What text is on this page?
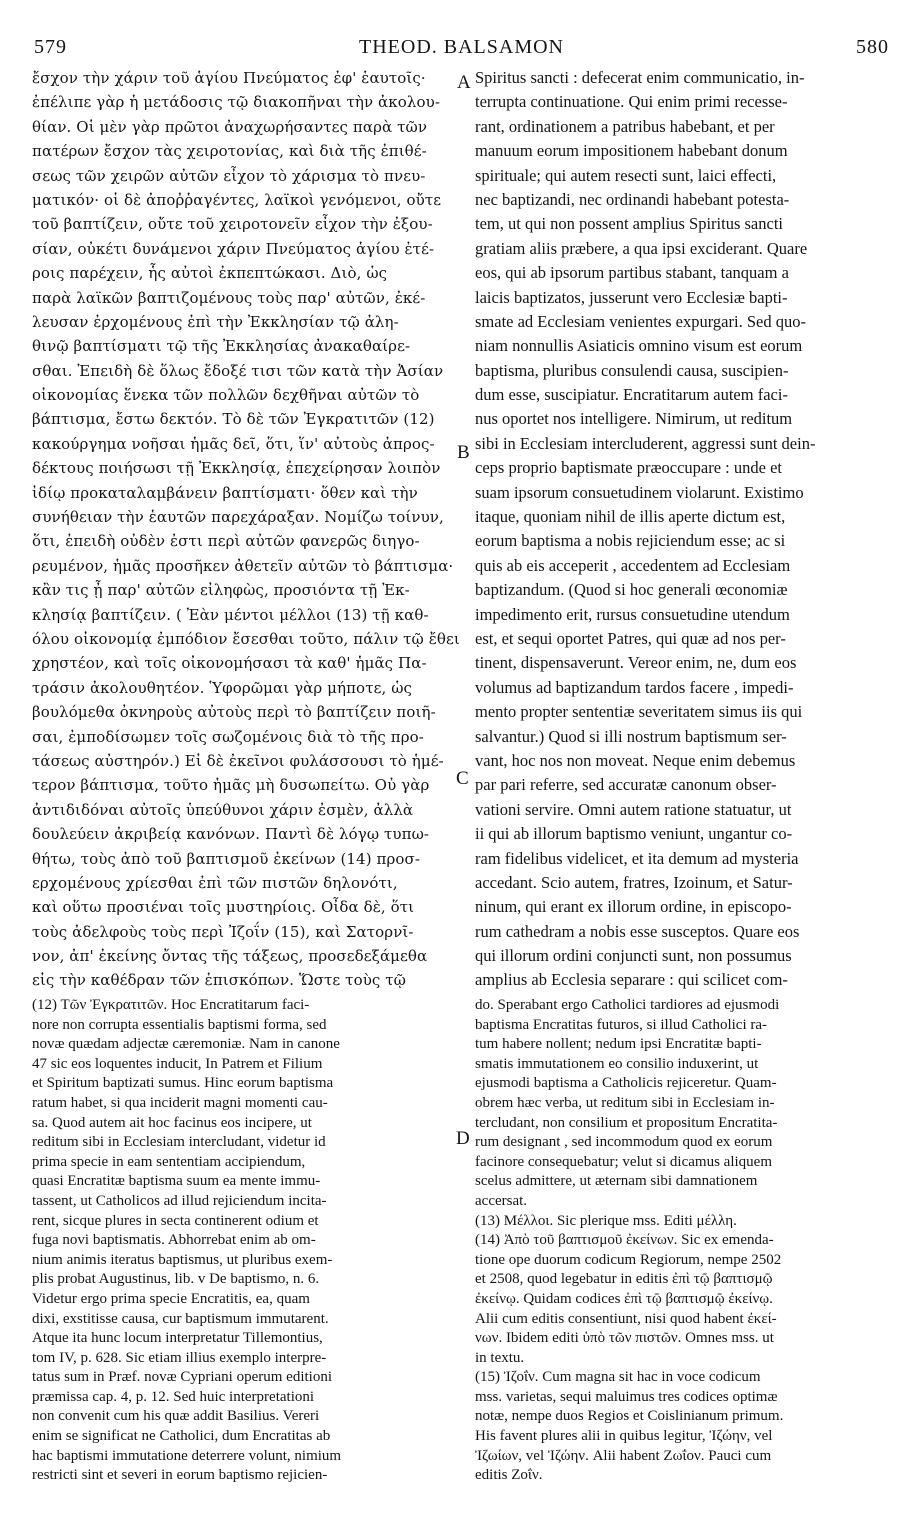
579	THEOD. BALSAMON	580
ἔσχον τὴν χάριν τοῦ ἁγίου Πνεύματος ἐφ' ἑαυτοῖς·
ἐπέλιπε γὰρ ἡ μετάδοσις τῷ διακοπῆναι τὴν ἀκολου-
θίαν. Οἱ μὲν γὰρ πρῶτοι ἀναχωρήσαντες παρὰ τῶν
πατέρων ἔσχον τὰς χειροτονίας, καὶ διὰ τῆς ἐπιθέ-
σεως τῶν χειρῶν αὐτῶν εἶχον τὸ χάρισμα τὸ πνευ-
ματικόν· οἱ δὲ ἀποῤῥαγέντες, λαϊκοὶ γενόμενοι, οὔτε
τοῦ βαπτίζειν, οὔτε τοῦ χειροτονεῖν εἶχον τὴν ἐξου-
σίαν, οὐκέτι δυνάμενοι χάριν Πνεύματος ἁγίου ἑτέ-
ροις παρέχειν, ἧς αὐτοὶ ἐκπεπτώκασι. Διὸ, ὡς
παρὰ λαϊκῶν βαπτιζομένους τοὺς παρ' αὐτῶν, ἐκέ-
λευσαν ἐρχομένους ἐπὶ τὴν Ἐκκλησίαν τῷ ἀλη-
θινῷ βαπτίσματι τῷ τῆς Ἐκκλησίας ἀνακαθαίρε-
σθαι. Ἐπειδὴ δὲ ὅλως ἔδοξέ τισι τῶν κατὰ τὴν Ἀσίαν
οἰκονομίας ἕνεκα τῶν πολλῶν δεχθῆναι αὐτῶν τὸ
βάπτισμα, ἔστω δεκτόν. Τὸ δὲ τῶν Ἐγκρατιτῶν (12)
κακούργημα νοῆσαι ἡμᾶς δεῖ, ὅτι, ἵν' αὐτοὺς ἀπρος-
δέκτους ποιήσωσι τῇ Ἐκκλησίᾳ, ἐπεχείρησαν λοιπὸν
ἰδίῳ προκαταλαμβάνειν βαπτίσματι· ὅθεν καὶ τὴν
συνήθειαν τὴν ἑαυτῶν παρεχάραξαν. Νομίζω τοίνυν,
ὅτι, ἐπειδὴ οὐδὲν ἐστι περὶ αὐτῶν φανερῶς διηγο-
ρευμένον, ἡμᾶς προσῆκεν ἀθετεῖν αὐτῶν τὸ βάπτισμα·
κἂν τις ᾖ παρ' αὐτῶν εἰληφὼς, προσιόντα τῇ Ἐκ-
κλησίᾳ βαπτίζειν. ( Ἐὰν μέντοι μέλλοι (13) τῇ καθ-
όλου οἰκονομίᾳ ἐμπόδιον ἔσεσθαι τοῦτο, πάλιν τῷ ἔθει
χρηστέον, καὶ τοῖς οἰκονομήσασι τὰ καθ' ἡμᾶς Πα-
τράσιν ἀκολουθητέον. Ὑφορῶμαι γὰρ μήποτε, ὡς
βουλόμεθα ὀκνηροὺς αὐτοὺς περὶ τὸ βαπτίζειν ποιῆ-
σαι, ἐμποδίσωμεν τοῖς σωζομένοις διὰ τὸ τῆς προ-
τάσεως αὐστηρόν.) Εἰ δὲ ἐκεῖνοι φυλάσσουσι τὸ ἡμέ-
τερον βάπτισμα, τοῦτο ἡμᾶς μὴ δυσωπείτω. Οὐ γὰρ
ἀντιδιδόναι αὐτοῖς ὑπεύθυνοι χάριν ἐσμὲν, ἀλλὰ
δουλεύειν ἀκριβείᾳ κανόνων. Παντὶ δὲ λόγῳ τυπω-
θήτω, τοὺς ἀπὸ τοῦ βαπτισμοῦ ἐκείνων (14) προσ-
ερχομένους χρίεσθαι ἐπὶ τῶν πιστῶν δηλονότι,
καὶ οὕτω προσιέναι τοῖς μυστηρίοις. Οἶδα δὲ, ὅτι
τοὺς ἀδελφοὺς τοὺς περὶ Ἰζοΐν (15), καὶ Σατορνῖ-
νον, ἀπ' ἐκείνης ὄντας τῆς τάξεως, προσεδεξάμεθα
εἰς τὴν καθέδραν τῶν ἐπισκόπων. Ὥστε τοὺς τῷ
Spiritus sancti : defecerat enim communicatio, in-
terrupta continuatione. Qui enim primi recesse-
rant, ordinationem a patribus habebant, et per
manuum eorum impositionem habebant donum
spirituale; qui autem resecti sunt, laici effecti,
nec baptizandi, nec ordinandi habebant potesta-
tem, ut qui non possent amplius Spiritus sancti
gratiam aliis præbere, a qua ipsi exciderant. Quare
eos, qui ab ipsorum partibus stabant, tanquam a
laicis baptizatos, jusserunt vero Ecclesiæ bapti-
smate ad Ecclesiam venientes expurgari. Sed quo-
niam nonnullis Asiaticis omnino visum est eorum
baptisma, pluribus consulendi causa, suscipien-
dum esse, suscipiatur. Encratitarum autem faci-
nus oportet nos intelligere. Nimirum, ut reditum
sibi in Ecclesiam intercluderent, aggressi sunt dein-
ceps proprio baptismate præoccupare : unde et
suam ipsorum consuetudinem violarunt. Existimo
itaque, quoniam nihil de illis aperte dictum est,
eorum baptisma a nobis rejiciendum esse; ac si
quis ab eis acceperit , accedentem ad Ecclesiam
baptizandum. (Quod si hoc generali œconomiæ
impedimento erit, rursus consuetudine utendum
est, et sequi oportet Patres, qui quæ ad nos per-
tinent, dispensaverunt. Vereor enim, ne, dum eos
volumus ad baptizandum tardos facere , impedi-
mento propter sententiæ severitatem simus iis qui
salvantur.) Quod si illi nostrum baptismum ser-
vant, hoc nos non moveat. Neque enim debemus
par pari referre, sed accuratæ canonum obser-
vationi servire. Omni autem ratione statuatur, ut
ii qui ab illorum baptismo veniunt, ungantur co-
ram fidelibus videlicet, et ita demum ad mysteria
accedant. Scio autem, fratres, Izoinum, et Satur-
ninum, qui erant ex illorum ordine, in episcopo-
rum cathedram a nobis esse susceptos. Quare eos
qui illorum ordini conjuncti sunt, non possumus
amplius ab Ecclesia separare : qui scilicet com-
A
B
C
D
(12) Τῶν Ἐγκρατιτῶν. Hoc Encratitarum faci-
nore non corrupta essentialis baptismi forma, sed
novæ quædam adjectæ cæremoniæ. Nam in canone
47 sic eos loquentes inducit, In Patrem et Filium
et Spiritum baptizati sumus. Hinc eorum baptisma
ratum habet, si qua inciderit magni momenti cau-
sa. Quod autem ait hoc facinus eos incipere, ut
reditum sibi in Ecclesiam intercludant, videtur id
prima specie in eam sententiam accipiendum,
quasi Encratitæ baptisma suum ea mente immu-
tassent, ut Catholicos ad illud rejiciendum incita-
rent, sicque plures in secta continerent odium et
fuga novi baptismatis. Abhorrebat enim ab om-
nium animis iteratus baptismus, ut pluribus exem-
plis probat Augustinus, lib. v De baptismo, n. 6.
Videtur ergo prima specie Encratitis, ea, quam
dixi, exstitisse causa, cur baptismum immutarent.
Atque ita hunc locum interpretatur Tillemontius,
tom IV, p. 628. Sic etiam illius exemplo interpre-
tatus sum in Præf. novæ Cypriani operum editioni
præmissa cap. 4, p. 12. Sed huic interpretationi
non convenit cum his quæ addit Basilius. Vereri
enim se significat ne Catholici, dum Encratitas ab
hac baptismi immutatione deterrere volunt, nimium
restricti sint et severi in eorum baptismo rejicien-
do. Sperabant ergo Catholici tardiores ad ejusmodi
baptisma Encratitas futuros, si illud Catholici ra-
tum habere nollent; nedum ipsi Encratitæ bapti-
smatis immutationem eo consilio induxerint, ut
ejusmodi baptisma a Catholicis rejiceretur. Quam-
obrem hæc verba, ut reditum sibi in Ecclesiam in-
tercludant, non consilium et propositum Encratita-
rum designant , sed incommodum quod ex eorum
facinore consequebatur; velut si dicamus aliquem
scelus admittere, ut æternam sibi damnationem
accersat.
(13) Μέλλοι. Sic plerique mss. Editi μέλλη.
(14) Ἀπὸ τοῦ βαπτισμοῦ ἐκείνων. Sic ex emenda-
tione ope duorum codicum Regiorum, nempe 2502
et 2508, quod legebatur in editis ἐπὶ τῷ βαπτισμῷ
ἐκείνῳ. Quidam codices ἐπὶ τῷ βαπτισμῷ ἐκείνῳ.
Alii cum editis consentiunt, nisi quod habent ἐκεί-
νων. Ibidem editi ὑπὸ τῶν πιστῶν. Omnes mss. ut
in textu.
(15) Ἰζοΐν. Cum magna sit hac in voce codicum
mss. varietas, sequi maluimus tres codices optimæ
notæ, nempe duos Regios et Coislinianum primum.
His favent plures alii in quibus legitur, Ἰζώην, vel
Ἰζωίων, vel Ἰζώην. Alii habent Ζωΐον. Pauci cum
editis Ζοΐν.
